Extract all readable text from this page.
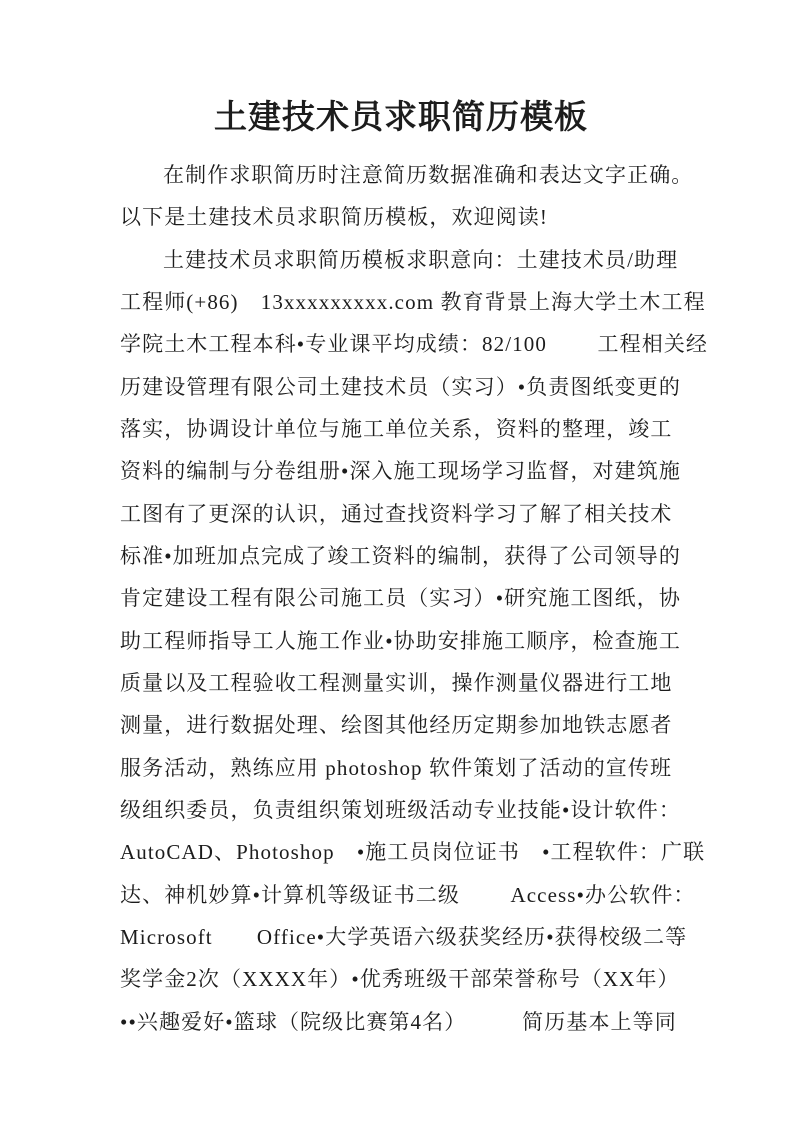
土建技术员求职简历模板
在制作求职简历时注意简历数据准确和表达文字正确。
以下是土建技术员求职简历模板，欢迎阅读!
土建技术员求职简历模板求职意向：土建技术员/助理
工程师(+86)　13xxxxxxxxx.com 教育背景上海大学土木工程
学院土木工程本科•专业课平均成绩：82/100　　 工程相关经
历建设管理有限公司土建技术员（实习）•负责图纸变更的
落实，协调设计单位与施工单位关系，资料的整理，竣工
资料的编制与分卷组册•深入施工现场学习监督，对建筑施
工图有了更深的认识，通过查找资料学习了解了相关技术
标准•加班加点完成了竣工资料的编制，获得了公司领导的
肯定建设工程有限公司施工员（实习）•研究施工图纸，协
助工程师指导工人施工作业•协助安排施工顺序，检查施工
质量以及工程验收工程测量实训，操作测量仪器进行工地
测量，进行数据处理、绘图其他经历定期参加地铁志愿者
服务活动，熟练应用 photoshop 软件策划了活动的宣传班
级组织委员，负责组织策划班级活动专业技能•设计软件：
AutoCAD、Photoshop　•施工员岗位证书　•工程软件：广联
达、神机妙算•计算机等级证书二级　　 Access•办公软件：
Microsoft　　Office•大学英语六级获奖经历•获得校级二等
奖学金2次（XXXX年）•优秀班级干部荣誉称号（XX年）
••兴趣爱好•篮球（院级比赛第4名）　　　简历基本上等同
